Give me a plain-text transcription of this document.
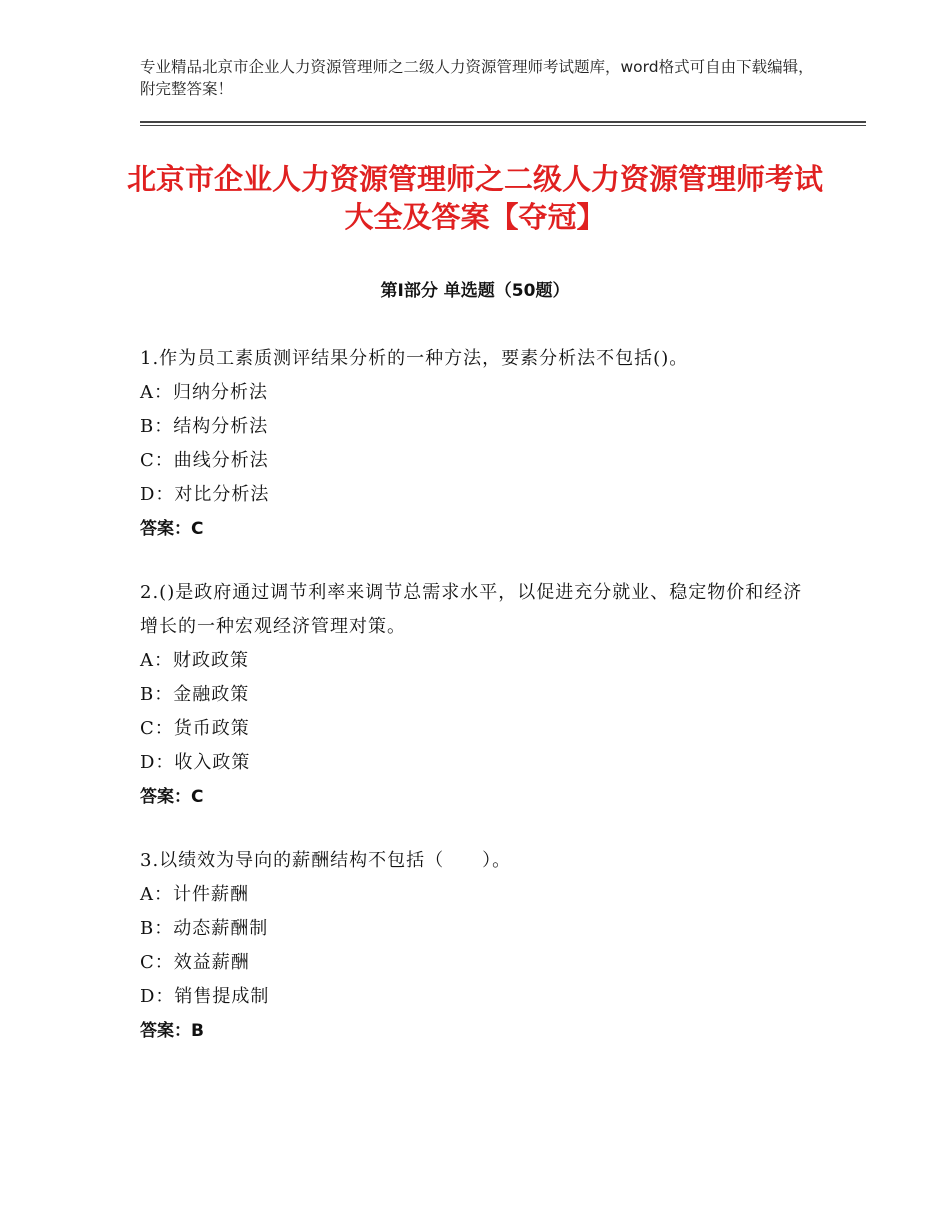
专业精品北京市企业人力资源管理师之二级人力资源管理师考试题库，word格式可自由下载编辑，附完整答案！
北京市企业人力资源管理师之二级人力资源管理师考试大全及答案【夺冠】
第Ⅰ部分 单选题（50题）
1.作为员工素质测评结果分析的一种方法，要素分析法不包括()。
A：归纳分析法
B：结构分析法
C：曲线分析法
D：对比分析法
答案：C
2.()是政府通过调节利率来调节总需求水平，以促进充分就业、稳定物价和经济增长的一种宏观经济管理对策。
A：财政政策
B：金融政策
C：货币政策
D：收入政策
答案：C
3.以绩效为导向的薪酬结构不包括（　　）。
A：计件薪酬
B：动态薪酬制
C：效益薪酬
D：销售提成制
答案：B
